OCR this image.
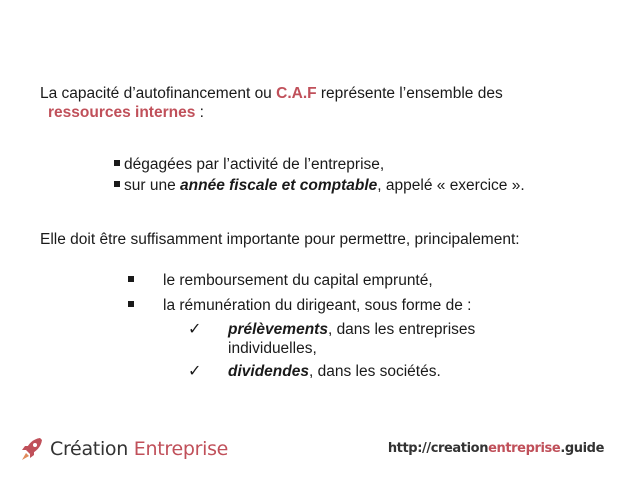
La capacité d’autofinancement ou C.A.F représente l’ensemble des
ressources internes :
dégagées par l’activité de l’entreprise,
sur une année fiscale et comptable, appelé « exercice ».
Elle doit être suffisamment importante pour permettre, principalement:
le remboursement du capital emprunté,
la rémunération du dirigeant, sous forme de :
✓ prélèvements, dans les entreprises
individuelles,
✓ dividendes, dans les sociétés.
Création Entreprise	http://creationentreprise.guide
